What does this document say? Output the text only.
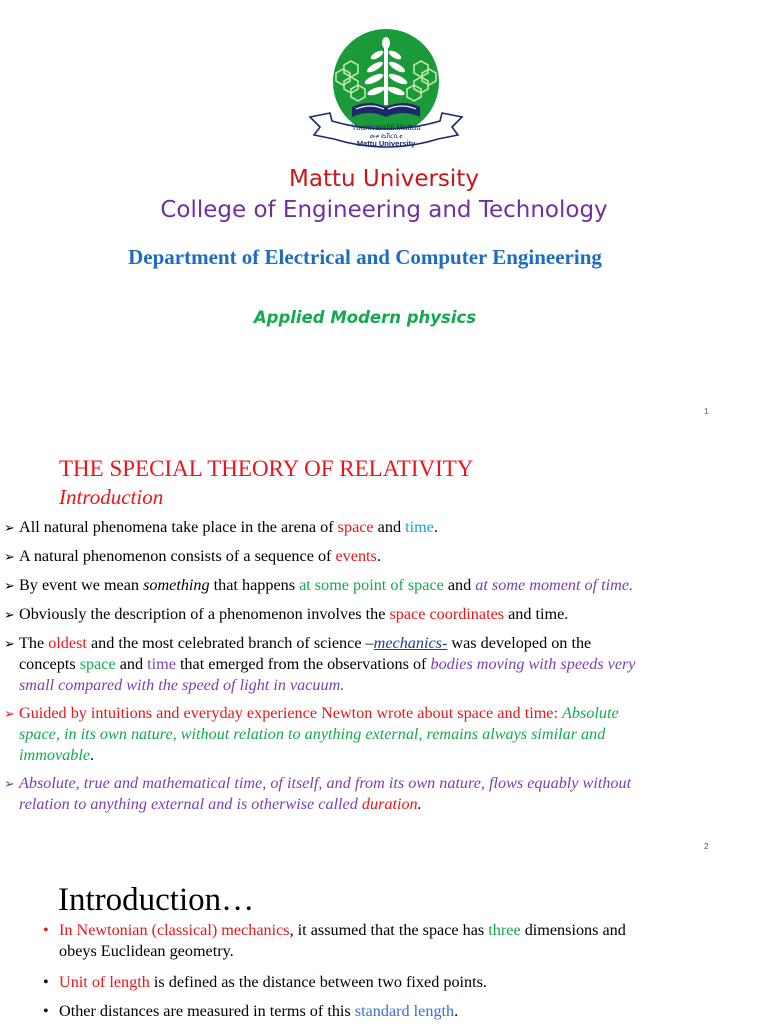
Yuunivarsitii Mattuu
መቱ ዩኒቨርሲቲ
Mattu University
Mattu University
College of Engineering and Technology
Department of Electrical and Computer Engineering
Applied Modern physics
1
THE SPECIAL THEORY OF RELATIVITY
Introduction
➢ All natural phenomena take place in the arena of space and time.
➢ A natural phenomenon consists of a sequence of events.
➢ By event we mean something that happens at some point of space and at some moment of time.
➢ Obviously the description of a phenomenon involves the space coordinates and time.
➢ The oldest and the most celebrated branch of science –mechanics- was developed on the
concepts space and time that emerged from the observations of bodies moving with speeds very
small compared with the speed of light in vacuum.
➢ Guided by intuitions and everyday experience Newton wrote about space and time: Absolute
space, in its own nature, without relation to anything external, remains always similar and
immovable.
➢ Absolute, true and mathematical time, of itself, and from its own nature, flows equably without
relation to anything external and is otherwise called duration.
2
Introduction…
• In Newtonian (classical) mechanics, it assumed that the space has three dimensions and
obeys Euclidean geometry.
• Unit of length is defined as the distance between two fixed points.
• Other distances are measured in terms of this standard length.
